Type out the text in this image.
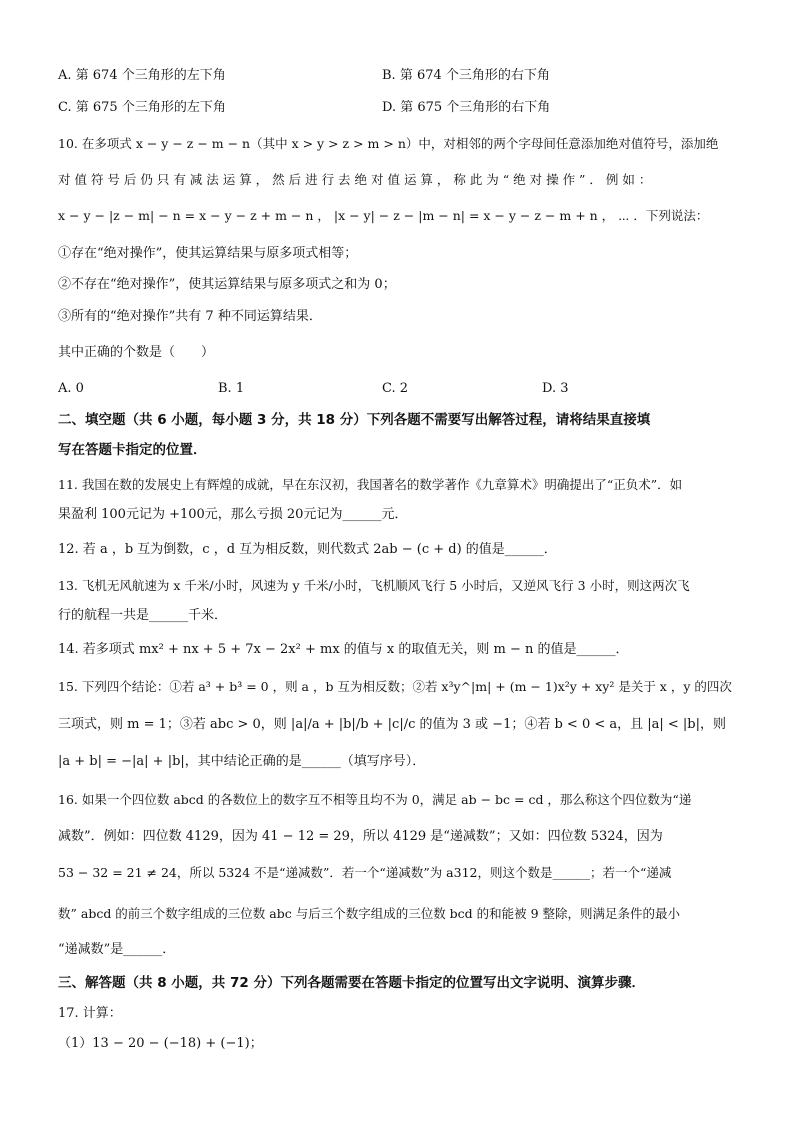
A. 第 674 个三角形的左下角	B. 第 674 个三角形的右下角
C. 第 675 个三角形的左下角	D. 第 675 个三角形的右下角
10. 在多项式 x − y − z − m − n（其中 x > y > z > m > n）中，对相邻的两个字母间任意添加绝对值符号，添加绝
对 值 符 号 后 仍 只 有 减 法 运 算 ， 然 后 进 行 去 绝 对 值 运 算 ， 称 此 为 “ 绝 对 操 作 ” ． 例 如 ：
x − y − |z − m| − n = x − y − z + m − n ， |x − y| − z − |m − n| = x − y − z − m + n ， ⋯ ．下列说法：
①存在“绝对操作”，使其运算结果与原多项式相等；
②不存在“绝对操作”，使其运算结果与原多项式之和为 0；
③所有的“绝对操作”共有 7 种不同运算结果．
其中正确的个数是（　　）
A. 0	B. 1	C. 2	D. 3
二、填空题（共 6 小题，每小题 3 分，共 18 分）下列各题不需要写出解答过程，请将结果直接填
写在答题卡指定的位置．
11. 我国在数的发展史上有辉煌的成就，早在东汉初，我国著名的数学著作《九章算术》明确提出了“正负术”．如
果盈利 100元记为 +100元，那么亏损 20元记为______元．
12. 若 a ，b 互为倒数，c ，d 互为相反数，则代数式 2ab − (c + d) 的值是______．
13. 飞机无风航速为 x 千米/小时，风速为 y 千米/小时，飞机顺风飞行 5 小时后，又逆风飞行 3 小时，则这两次飞
行的航程一共是______千米．
14. 若多项式 mx² + nx + 5 + 7x − 2x² + mx 的值与 x 的取值无关，则 m − n 的值是______．
15. 下列四个结论：①若 a³ + b³ = 0 ，则 a ，b 互为相反数；②若 x³y^|m| + (m − 1)x²y + xy² 是关于 x ，y 的四次
三项式，则 m = 1；③若 abc > 0，则 |a|/a + |b|/b + |c|/c 的值为 3 或 −1；④若 b < 0 < a，且 |a| < |b|，则
|a + b| = −|a| + |b|，其中结论正确的是______（填写序号）．
16. 如果一个四位数 abcd 的各数位上的数字互不相等且均不为 0，满足 ab − bc = cd ，那么称这个四位数为“递
减数”．例如：四位数 4129，因为 41 − 12 = 29，所以 4129 是“递减数”；又如：四位数 5324，因为
53 − 32 = 21 ≠ 24，所以 5324 不是“递减数”．若一个“递减数”为 a312，则这个数是______；若一个“递减
数” abcd 的前三个数字组成的三位数 abc 与后三个数字组成的三位数 bcd 的和能被 9 整除，则满足条件的最小
“递减数”是______．
三、解答题（共 8 小题，共 72 分）下列各题需要在答题卡指定的位置写出文字说明、演算步骤．
17. 计算：
（1）13 − 20 − (−18) + (−1)；
